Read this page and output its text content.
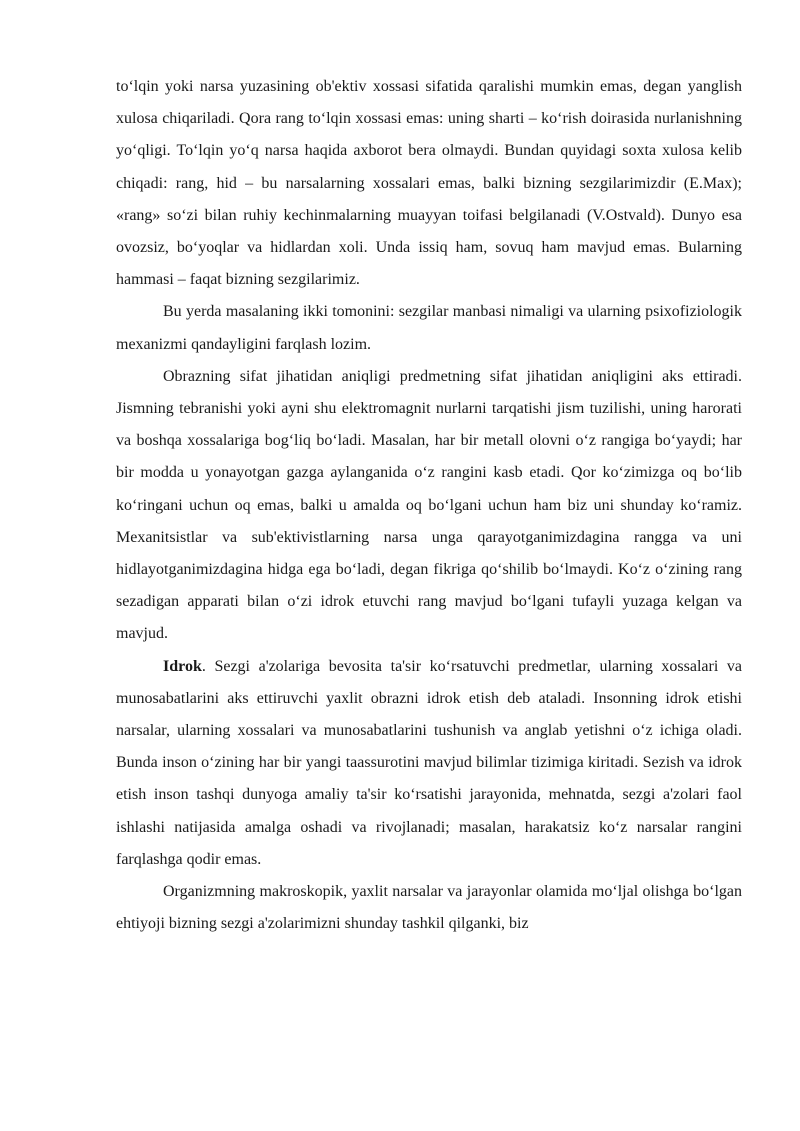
to‘lqin yoki narsa yuzasining ob'ektiv xossasi sifatida qaralishi mumkin emas, degan yanglish xulosa chiqariladi. Qora rang to‘lqin xossasi emas: uning sharti – ko‘rish doirasida nurlanishning yo‘qligi. To‘lqin yo‘q narsa haqida axborot bera olmaydi. Bundan quyidagi soxta xulosa kelib chiqadi: rang, hid – bu narsalarning xossalari emas, balki bizning sezgilarimizdir (E.Max); «rang» so‘zi bilan ruhiy kechinmalarning muayyan toifasi belgilanadi (V.Ostvald). Dunyo esa ovozsiz, bo‘yoqlar va hidlardan xoli. Unda issiq ham, sovuq ham mavjud emas. Bularning hammasi – faqat bizning sezgilarimiz.

Bu yerda masalaning ikki tomonini: sezgilar manbasi nimaligi va ularning psixofiziologik mexanizmi qandayligini farqlash lozim.

Obrazning sifat jihatidan aniqligi predmetning sifat jihatidan aniqligini aks ettiradi. Jismning tebranishi yoki ayni shu elektromagnit nurlarni tarqatishi jism tuzilishi, uning harorati va boshqa xossalariga bog‘liq bo‘ladi. Masalan, har bir metall olovni o‘z rangiga bo‘yaydi; har bir modda u yonayotgan gazga aylanganida o‘z rangini kasb etadi. Qor ko‘zimizga oq bo‘lib ko‘ringani uchun oq emas, balki u amalda oq bo‘lgani uchun ham biz uni shunday ko‘ramiz. Mexanitsistlar va sub'ektivistlarning narsa unga qarayotganimizdagina rangga va uni hidlayotganimizdagina hidga ega bo‘ladi, degan fikriga qo‘shilib bo‘lmaydi. Ko‘z o‘zining rang sezadigan apparati bilan o‘zi idrok etuvchi rang mavjud bo‘lgani tufayli yuzaga kelgan va mavjud.

Idrok. Sezgi a'zolariga bevosita ta'sir ko‘rsatuvchi predmetlar, ularning xossalari va munosabatlarini aks ettiruvchi yaxlit obrazni idrok etish deb ataladi. Insonning idrok etishi narsalar, ularning xossalari va munosabatlarini tushunish va anglab yetishni o‘z ichiga oladi. Bunda inson o‘zining har bir yangi taassurotini mavjud bilimlar tizimiga kiritadi. Sezish va idrok etish inson tashqi dunyoga amaliy ta'sir ko‘rsatishi jarayonida, mehnatda, sezgi a'zolari faol ishlashi natijasida amalga oshadi va rivojlanadi; masalan, harakatsiz ko‘z narsalar rangini farqlashga qodir emas.

Organizmning makroskopik, yaxlit narsalar va jarayonlar olamida mo‘ljal olishga bo‘lgan ehtiyoji bizning sezgi a'zolarimizni shunday tashkil qilganki, biz
